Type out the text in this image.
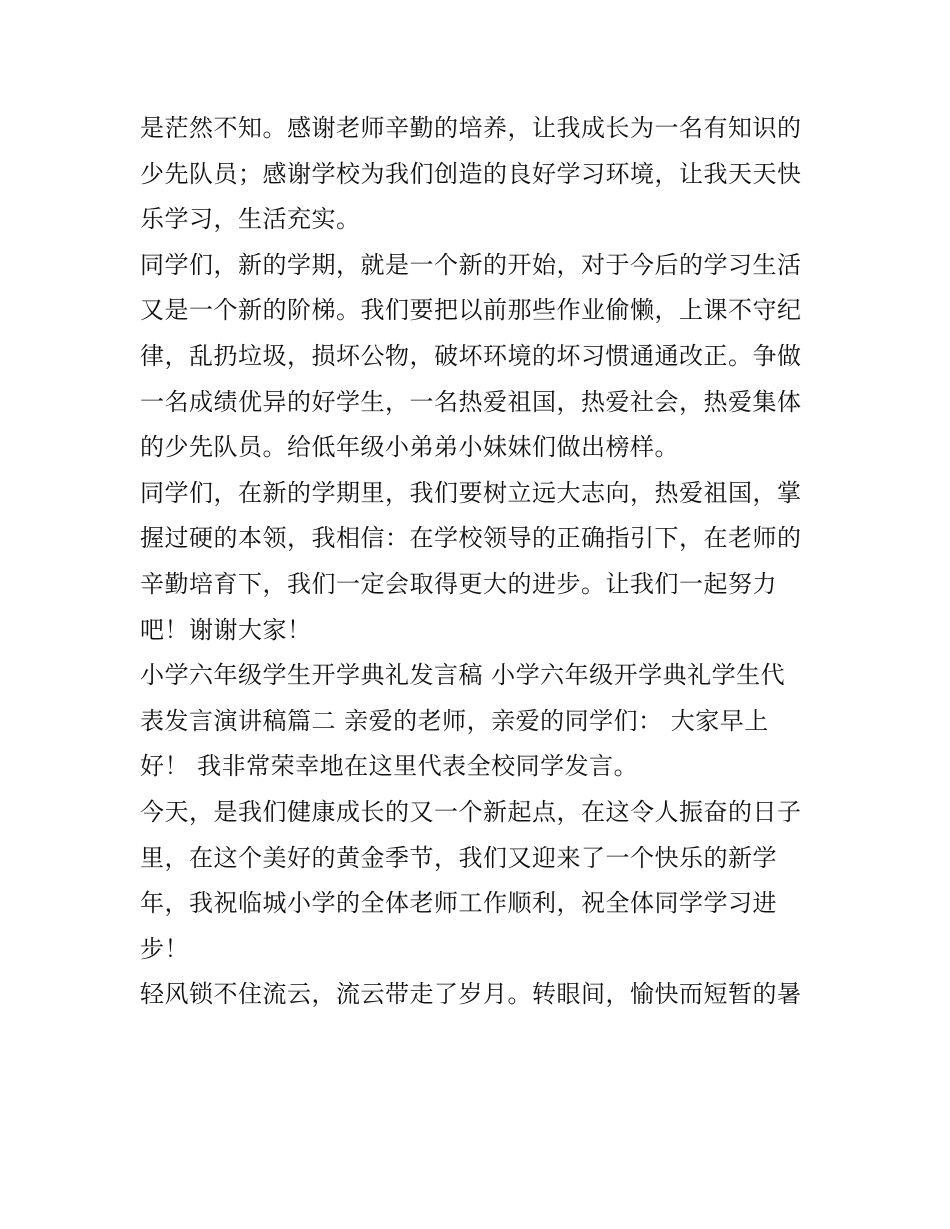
是茫然不知。感谢老师辛勤的培养，让我成长为一名有知识的
少先队员；感谢学校为我们创造的良好学习环境，让我天天快
乐学习，生活充实。
同学们，新的学期，就是一个新的开始，对于今后的学习生活
又是一个新的阶梯。我们要把以前那些作业偷懒，上课不守纪
律，乱扔垃圾，损坏公物，破坏环境的坏习惯通通改正。争做
一名成绩优异的好学生，一名热爱祖国，热爱社会，热爱集体
的少先队员。给低年级小弟弟小妹妹们做出榜样。
同学们，在新的学期里，我们要树立远大志向，热爱祖国，掌
握过硬的本领，我相信：在学校领导的正确指引下，在老师的
辛勤培育下，我们一定会取得更大的进步。让我们一起努力
吧！谢谢大家！
小学六年级学生开学典礼发言稿 小学六年级开学典礼学生代
表发言演讲稿篇二 亲爱的老师，亲爱的同学们： 大家早上
好！ 我非常荣幸地在这里代表全校同学发言。
今天，是我们健康成长的又一个新起点，在这令人振奋的日子
里，在这个美好的黄金季节，我们又迎来了一个快乐的新学
年，我祝临城小学的全体老师工作顺利，祝全体同学学习进
步！
轻风锁不住流云，流云带走了岁月。转眼间，愉快而短暂的暑
